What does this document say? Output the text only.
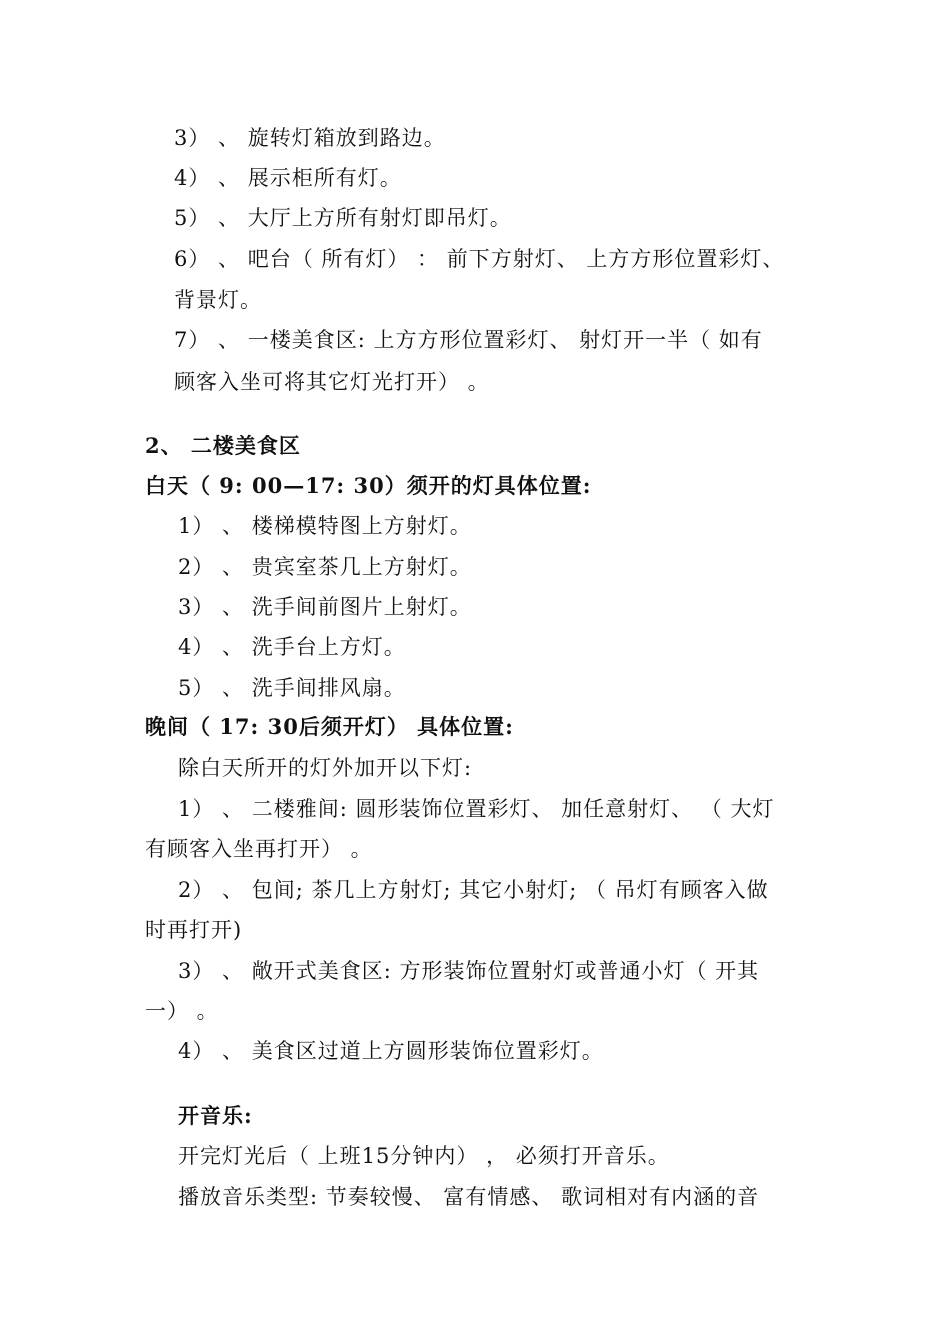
3） 、 旋转灯箱放到路边。
4） 、 展示柜所有灯。
5） 、 大厅上方所有射灯即吊灯。
6） 、 吧台（ 所有灯） ： 前下方射灯、 上方方形位置彩灯、
背景灯。
7） 、 一楼美食区: 上方方形位置彩灯、 射灯开一半（ 如有
顾客入坐可将其它灯光打开） 。
2、 二楼美食区
白天（ 9: 00—17: 30）须开的灯具体位置:
1） 、 楼梯模特图上方射灯。
2） 、 贵宾室茶几上方射灯。
3） 、 洗手间前图片上射灯。
4） 、 洗手台上方灯。
5） 、 洗手间排风扇。
晚间（ 17: 30后须开灯） 具体位置:
除白天所开的灯外加开以下灯:
1） 、 二楼雅间: 圆形装饰位置彩灯、 加任意射灯、 （ 大灯
有顾客入坐再打开） 。
2） 、 包间; 茶几上方射灯; 其它小射灯; （ 吊灯有顾客入做
时再打开)
3） 、 敞开式美食区: 方形装饰位置射灯或普通小灯（ 开其
一） 。
4） 、 美食区过道上方圆形装饰位置彩灯。
开音乐:
开完灯光后（ 上班15分钟内） ， 必须打开音乐。
播放音乐类型: 节奏较慢、 富有情感、 歌词相对有内涵的音
